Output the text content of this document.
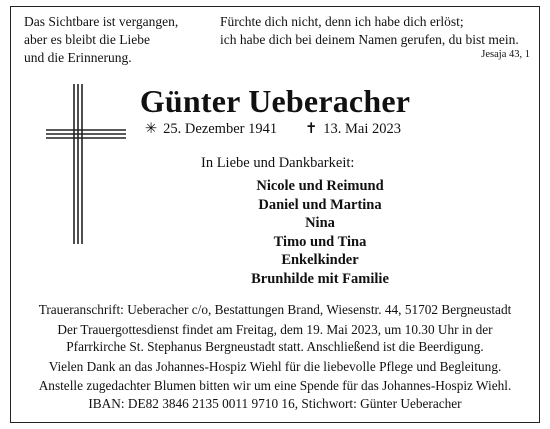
Das Sichtbare ist vergangen,
aber es bleibt die Liebe
und die Erinnerung.
Fürchte dich nicht, denn ich habe dich erlöst;
ich habe dich bei deinem Namen gerufen, du bist mein.
Jesaja 43, 1
Günter Ueberacher
✳ 25. Dezember 1941 ✝ 13. Mai 2023
In Liebe und Dankbarkeit:
Nicole und Reimund
Daniel und Martina
Nina
Timo und Tina
Enkelkinder
Brunhilde mit Familie
Traueranschrift: Ueberacher c/o, Bestattungen Brand, Wiesenstr. 44, 51702 Bergneustadt
Der Trauergottesdienst findet am Freitag, dem 19. Mai 2023, um 10.30 Uhr in der
Pfarrkirche St. Stephanus Bergneustadt statt. Anschließend ist die Beerdigung.
Vielen Dank an das Johannes-Hospiz Wiehl für die liebevolle Pflege und Begleitung.
Anstelle zugedachter Blumen bitten wir um eine Spende für das Johannes-Hospiz Wiehl.
IBAN: DE82 3846 2135 0011 9710 16, Stichwort: Günter Ueberacher
